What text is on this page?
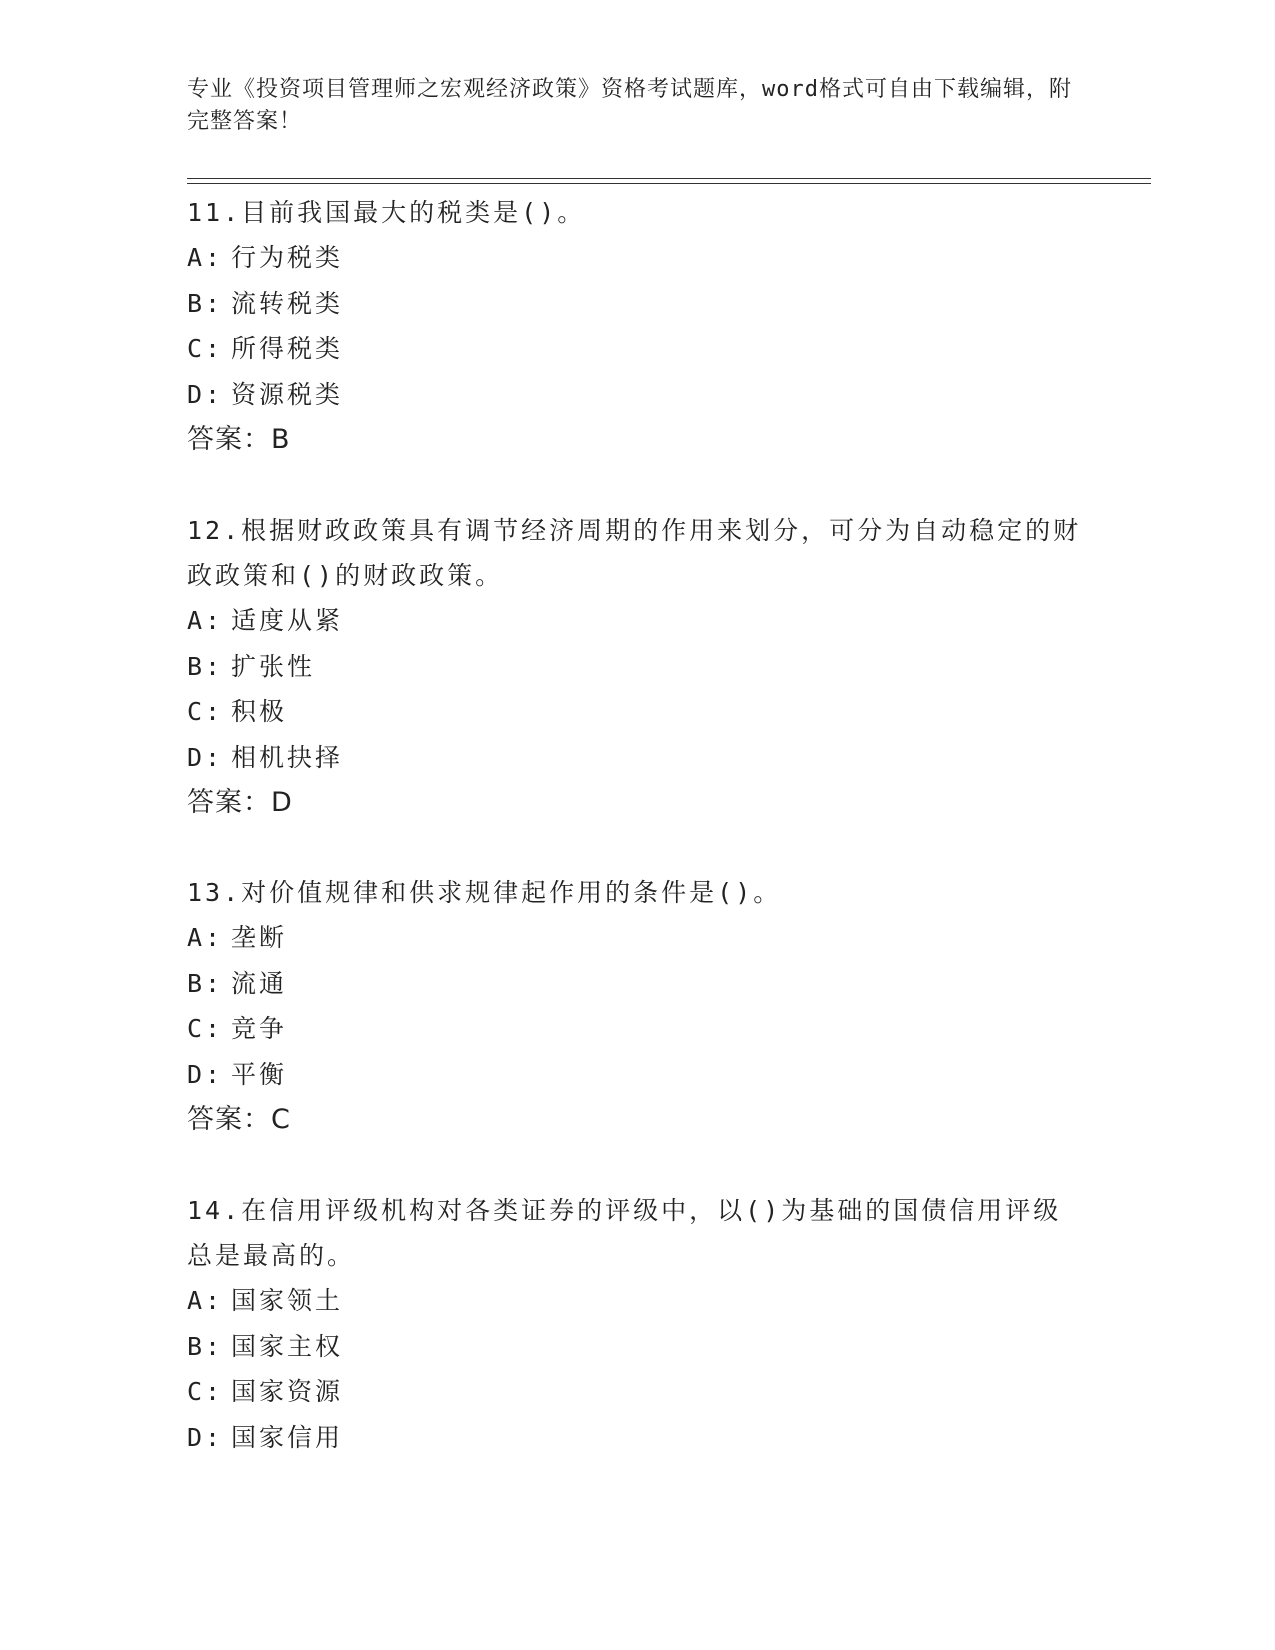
专业《投资项目管理师之宏观经济政策》资格考试题库，word格式可自由下载编辑，附完整答案！

11.目前我国最大的税类是()。

A: 行为税类

B: 流转税类

C: 所得税类

D: 资源税类

答案：B

12.根据财政政策具有调节经济周期的作用来划分，可分为自动稳定的财政政策和()的财政政策。

A: 适度从紧

B: 扩张性

C: 积极

D: 相机抉择

答案：D

13.对价值规律和供求规律起作用的条件是()。

A: 垄断

B: 流通

C: 竞争

D: 平衡

答案：C

14.在信用评级机构对各类证券的评级中，以()为基础的国债信用评级总是最高的。

A: 国家领土

B: 国家主权

C: 国家资源

D: 国家信用
